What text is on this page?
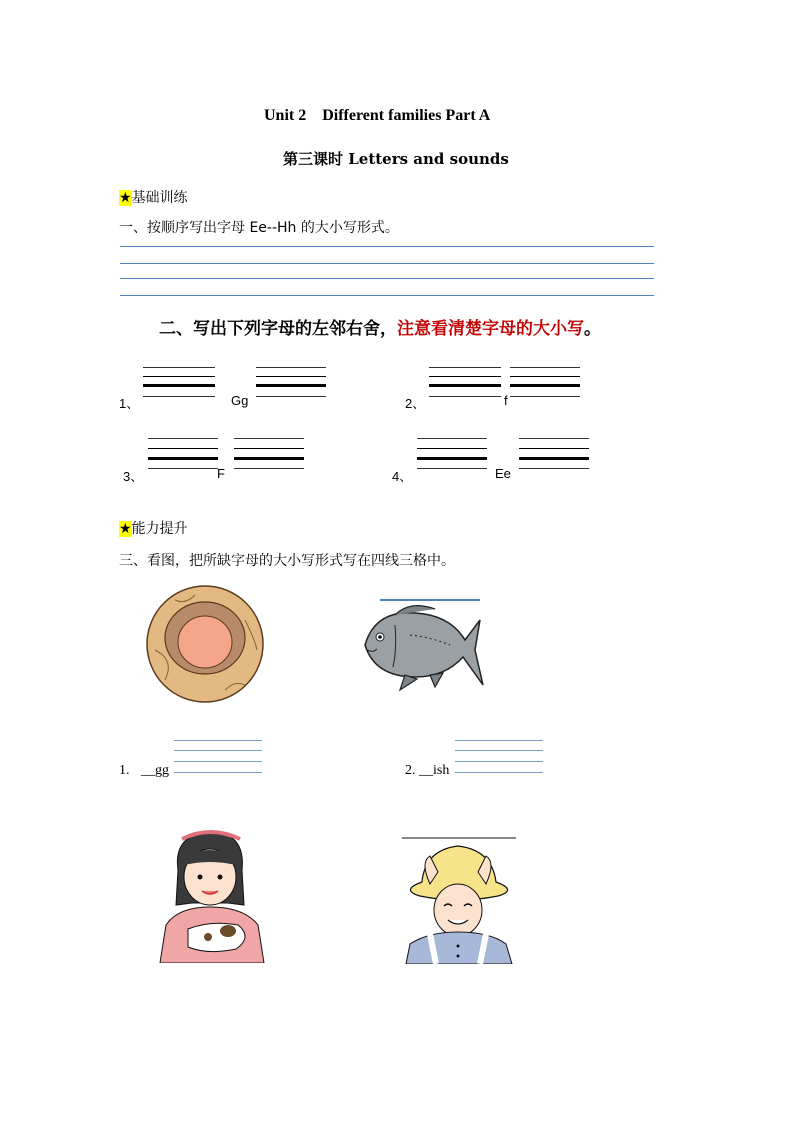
Unit 2    Different families Part A
第三课时 Letters and sounds
★基础训练
一、按顺序写出字母 Ee--Hh 的大小写形式。
二、写出下列字母的左邻右舍，注意看清楚字母的大小写。
1、	Gg	2、	f
3、	F	4、	Ee
★能力提升
三、看图，把所缺字母的大小写形式写在四线三格中。
1. __gg	2. __ish
